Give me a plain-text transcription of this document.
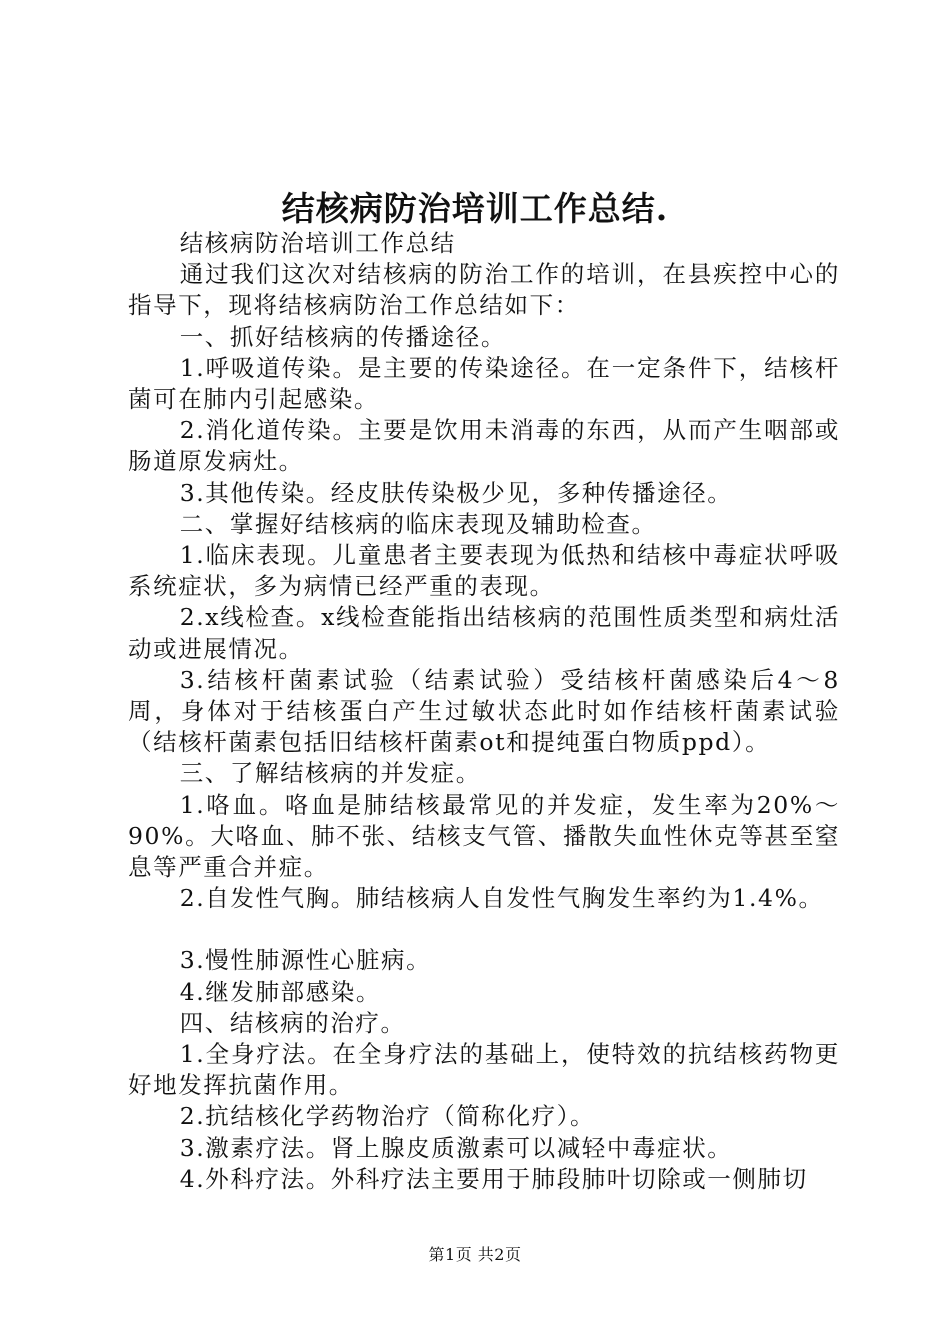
结核病防治培训工作总结.

结核病防治培训工作总结

通过我们这次对结核病的防治工作的培训，在县疾控中心的指导下，现将结核病防治工作总结如下：

一、抓好结核病的传播途径。

1.呼吸道传染。是主要的传染途径。在一定条件下，结核杆菌可在肺内引起感染。

2.消化道传染。主要是饮用未消毒的东西，从而产生咽部或肠道原发病灶。

3.其他传染。经皮肤传染极少见，多种传播途径。

二、掌握好结核病的临床表现及辅助检查。

1.临床表现。儿童患者主要表现为低热和结核中毒症状呼吸系统症状，多为病情已经严重的表现。

2.x线检查。x线检查能指出结核病的范围性质类型和病灶活动或进展情况。

3.结核杆菌素试验（结素试验）受结核杆菌感染后4～8周，身体对于结核蛋白产生过敏状态此时如作结核杆菌素试验（结核杆菌素包括旧结核杆菌素ot和提纯蛋白物质ppd）。

三、了解结核病的并发症。

1.咯血。咯血是肺结核最常见的并发症，发生率为20%～90%。大咯血、肺不张、结核支气管、播散失血性休克等甚至窒息等严重合并症。

2.自发性气胸。肺结核病人自发性气胸发生率约为1.4%。

3.慢性肺源性心脏病。

4.继发肺部感染。

四、结核病的治疗。

1.全身疗法。在全身疗法的基础上，使特效的抗结核药物更好地发挥抗菌作用。

2.抗结核化学药物治疗（简称化疗）。

3.激素疗法。肾上腺皮质激素可以减轻中毒症状。

4.外科疗法。外科疗法主要用于肺段肺叶切除或一侧肺切

第1页 共2页
